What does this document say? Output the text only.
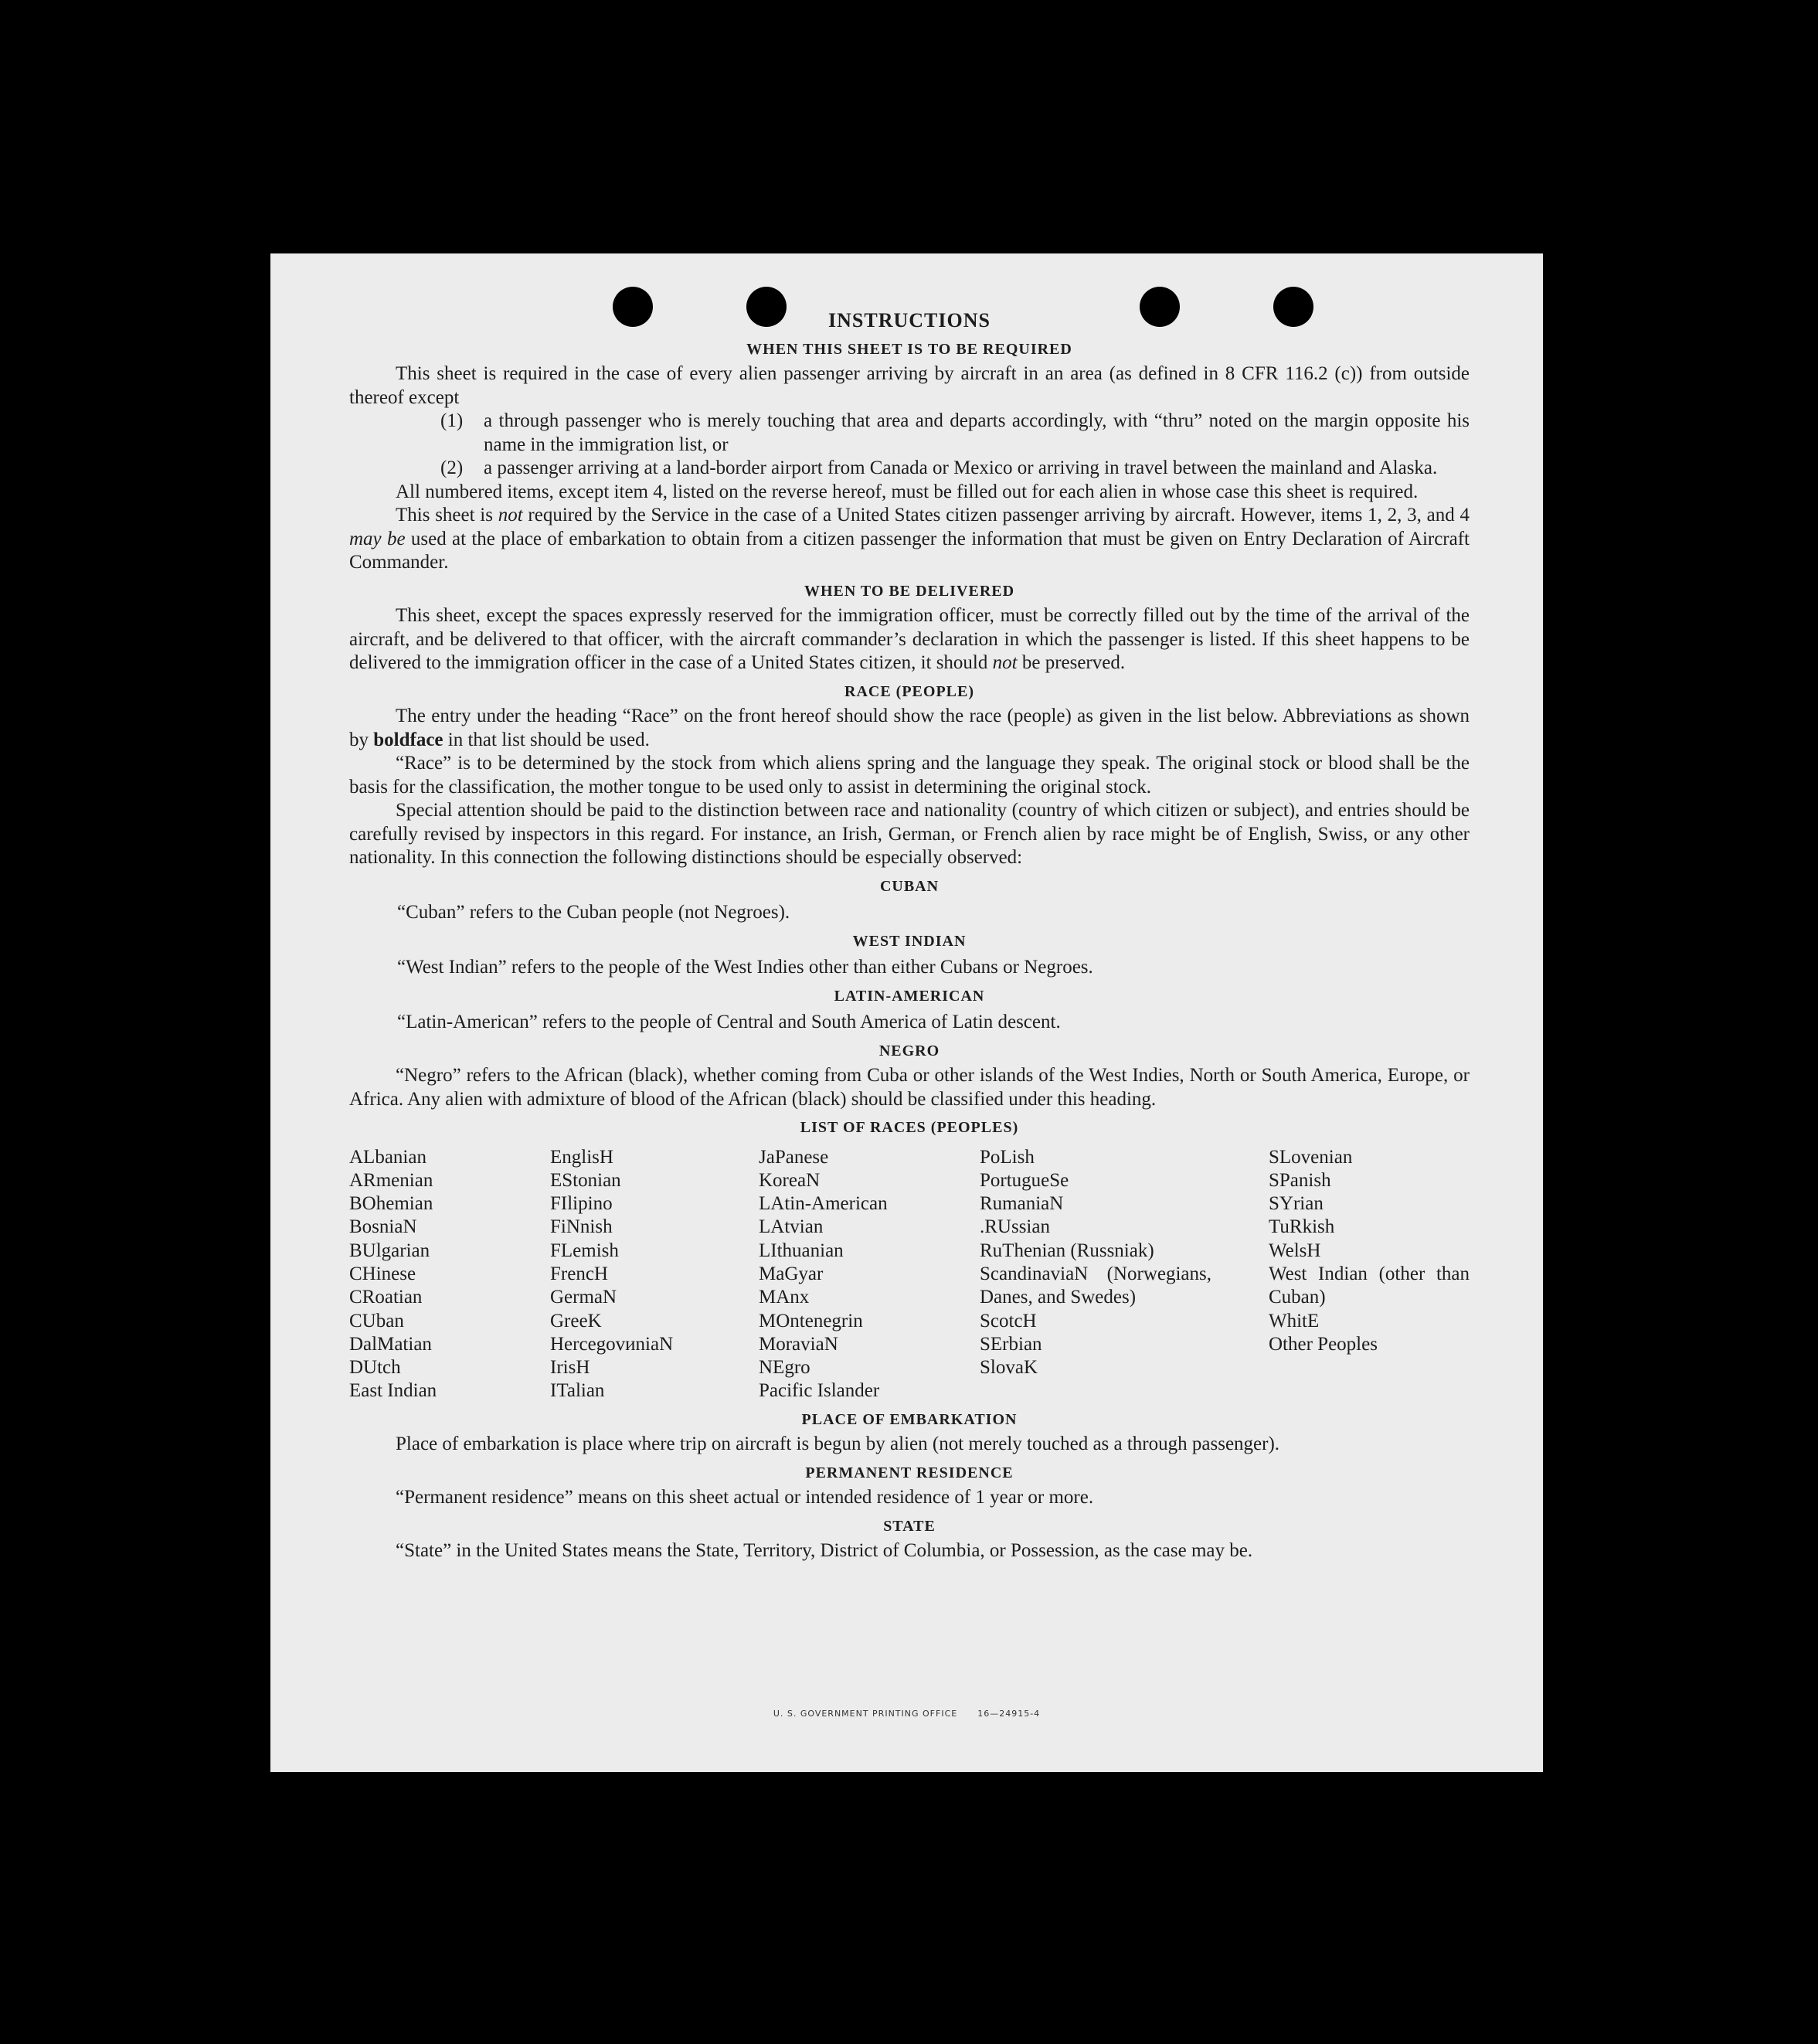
INSTRUCTIONS
WHEN THIS SHEET IS TO BE REQUIRED

This sheet is required in the case of every alien passenger arriving by aircraft in an area (as defined in 8 CFR 116.2 (c)) from outside thereof except

(1)	a through passenger who is merely touching that area and departs accordingly, with “thru” noted on the margin opposite his name in the immigration list, or
(2)	a passenger arriving at a land-border airport from Canada or Mexico or arriving in travel between the mainland and Alaska.

All numbered items, except item 4, listed on the reverse hereof, must be filled out for each alien in whose case this sheet is required.

This sheet is not required by the Service in the case of a United States citizen passenger arriving by aircraft. However, items 1, 2, 3, and 4 may be used at the place of embarkation to obtain from a citizen passenger the information that must be given on Entry Declaration of Aircraft Commander.

WHEN TO BE DELIVERED

This sheet, except the spaces expressly reserved for the immigration officer, must be correctly filled out by the time of the arrival of the aircraft, and be delivered to that officer, with the aircraft commander’s declaration in which the passenger is listed. If this sheet happens to be delivered to the immigration officer in the case of a United States citizen, it should not be preserved.

RACE (PEOPLE)

The entry under the heading “Race” on the front hereof should show the race (people) as given in the list below. Abbreviations as shown by boldface in that list should be used.

“Race” is to be determined by the stock from which aliens spring and the language they speak. The original stock or blood shall be the basis for the classification, the mother tongue to be used only to assist in determining the original stock.

Special attention should be paid to the distinction between race and nationality (country of which citizen or subject), and entries should be carefully revised by inspectors in this regard. For instance, an Irish, German, or French alien by race might be of English, Swiss, or any other nationality. In this connection the following distinctions should be especially observed:

CUBAN

“Cuban” refers to the Cuban people (not Negroes).

WEST INDIAN

“West Indian” refers to the people of the West Indies other than either Cubans or Negroes.

LATIN-AMERICAN

“Latin-American” refers to the people of Central and South America of Latin descent.

NEGRO

“Negro” refers to the African (black), whether coming from Cuba or other islands of the West Indies, North or South America, Europe, or Africa. Any alien with admixture of blood of the African (black) should be classified under this heading.

LIST OF RACES (PEOPLES)
ALbanian
ARmenian
BOhemian
BosniaN
BUlgarian
CHinese
CRoatian
CUban
DalMatian
DUtch
East Indian
EnglisH
EStonian
FIlipino
FiNnish
FLemish
FrencH
GermaN
GreeK
HercegovиniaN
IrisH
ITalian
JaPanese
KoreaN
LAtin-American
LAtvian
LIthuanian
MaGyar
MAnx
MOntenegrin
MoraviaN
NEgro
Pacific Islander
PoLish
PortugueSe
RumaniaN
.RUssian
RuThenian (Russniak)
ScandinaviaN (Norwegians, Danes, and Swedes)
ScotcH
SErbian
SlovaK
SLovenian
SPanish
SYrian
TuRkish
WelsH
West Indian (other than Cuban)
WhitE
Other Peoples
PLACE OF EMBARKATION

Place of embarkation is place where trip on aircraft is begun by alien (not merely touched as a through passenger).

PERMANENT RESIDENCE

“Permanent residence” means on this sheet actual or intended residence of 1 year or more.

STATE

“State” in the United States means the State, Territory, District of Columbia, or Possession, as the case may be.

U. S. GOVERNMENT PRINTING OFFICE 16—24915-4
